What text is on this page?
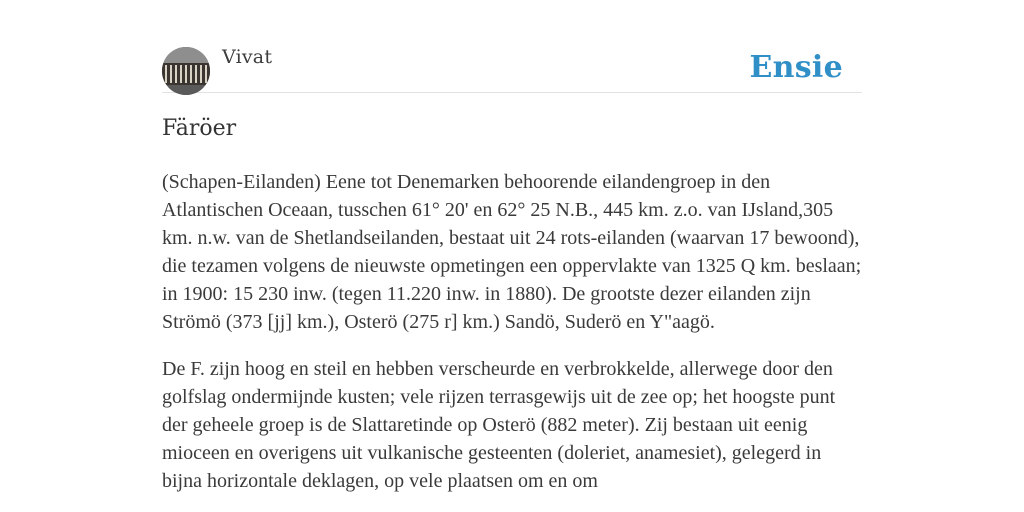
Vivat	Ensie
Färöer

(Schapen-Eilanden) Eene tot Denemarken behoorende eilandengroep in den Atlantischen Oceaan, tusschen 61° 20' en 62° 25 N.B., 445 km. z.o. van IJsland,305 km. n.w. van de Shetlandseilanden, bestaat uit 24 rots-eilanden (waarvan 17 bewoond), die tezamen volgens de nieuwste opmetingen een oppervlakte van 1325 Q km. beslaan; in 1900: 15 230 inw. (tegen 11.220 inw. in 1880). De grootste dezer eilanden zijn Strömö (373 [jj] km.), Osterö (275 r] km.) Sandö, Suderö en Y"aagö.

De F. zijn hoog en steil en hebben verscheurde en verbrokkelde, allerwege door den golfslag ondermijnde kusten; vele rijzen terrasgewijs uit de zee op; het hoogste punt der geheele groep is de Slattaretinde op Osterö (882 meter). Zij bestaan uit eenig mioceen en overigens uit vulkanische gesteenten (doleriet, anamesiet), gelegerd in bijna horizontale deklagen, op vele plaatsen om en om
